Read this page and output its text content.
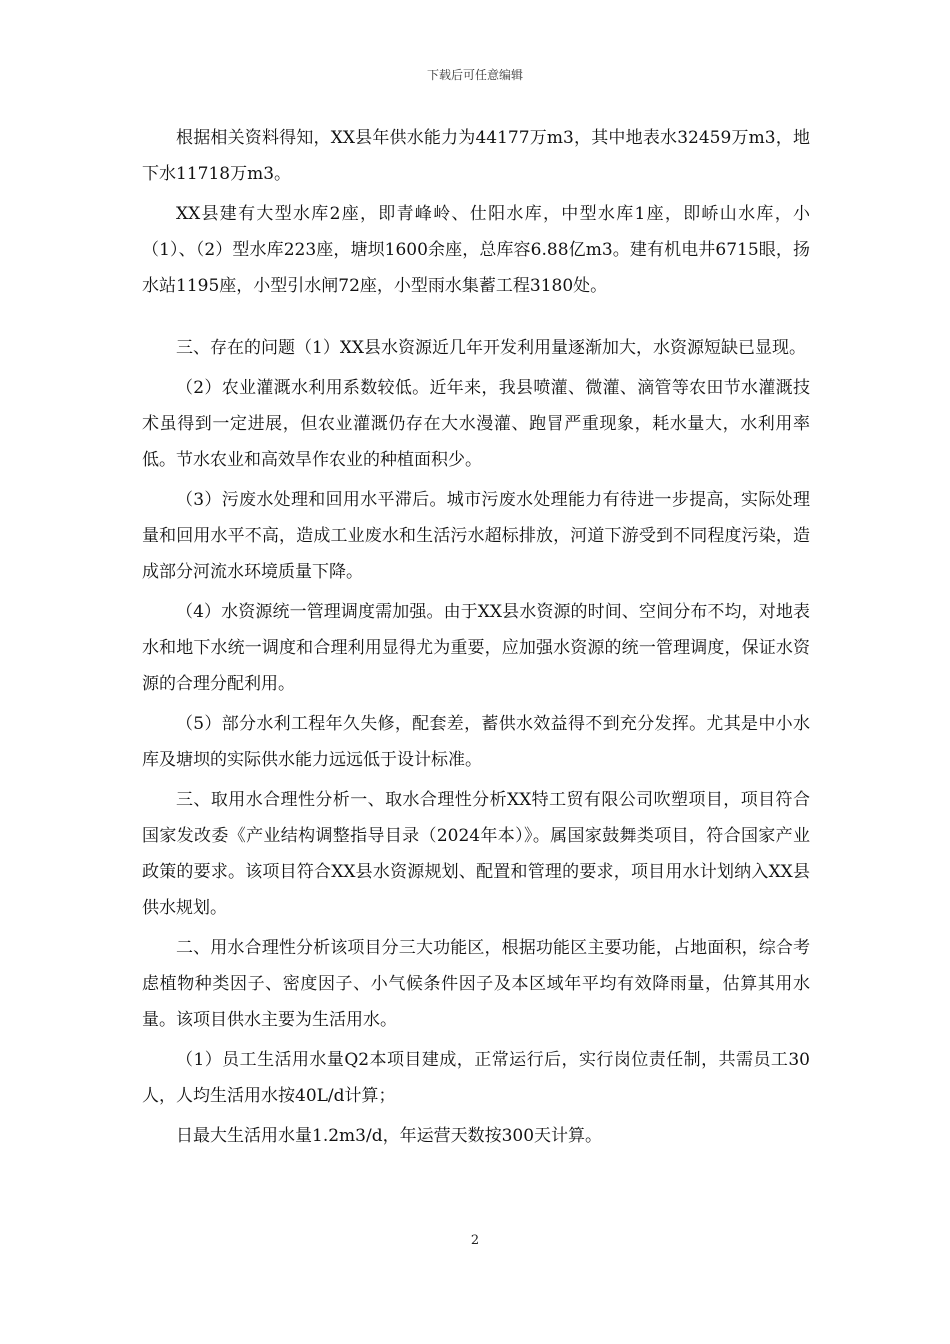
下载后可任意编辑

根据相关资料得知，XX县年供水能力为44177万m3，其中地表水32459万m3，地下水11718万m3。

XX县建有大型水库2座，即青峰岭、仕阳水库，中型水库1座，即峤山水库，小（1）、（2）型水库223座，塘坝1600余座，总库容6.88亿m3。建有机电井6715眼，扬水站1195座，小型引水闸72座，小型雨水集蓄工程3180处。

三、存在的问题（1）XX县水资源近几年开发利用量逐渐加大，水资源短缺已显现。

（2）农业灌溉水利用系数较低。近年来，我县喷灌、微灌、滴管等农田节水灌溉技术虽得到一定进展，但农业灌溉仍存在大水漫灌、跑冒严重现象，耗水量大，水利用率低。节水农业和高效旱作农业的种植面积少。

（3）污废水处理和回用水平滞后。城市污废水处理能力有待进一步提高，实际处理量和回用水平不高，造成工业废水和生活污水超标排放，河道下游受到不同程度污染，造成部分河流水环境质量下降。

（4）水资源统一管理调度需加强。由于XX县水资源的时间、空间分布不均，对地表水和地下水统一调度和合理利用显得尤为重要，应加强水资源的统一管理调度，保证水资源的合理分配利用。

（5）部分水利工程年久失修，配套差，蓄供水效益得不到充分发挥。尤其是中小水库及塘坝的实际供水能力远远低于设计标准。

三、取用水合理性分析一、取水合理性分析XX特工贸有限公司吹塑项目，项目符合国家发改委《产业结构调整指导目录（2024年本）》。属国家鼓舞类项目，符合国家产业政策的要求。该项目符合XX县水资源规划、配置和管理的要求，项目用水计划纳入XX县供水规划。

二、用水合理性分析该项目分三大功能区，根据功能区主要功能，占地面积，综合考虑植物种类因子、密度因子、小气候条件因子及本区域年平均有效降雨量，估算其用水量。该项目供水主要为生活用水。

（1）员工生活用水量Q2本项目建成，正常运行后，实行岗位责任制，共需员工30人，人均生活用水按40L/d计算；

日最大生活用水量1.2m3/d，年运营天数按300天计算。

2
